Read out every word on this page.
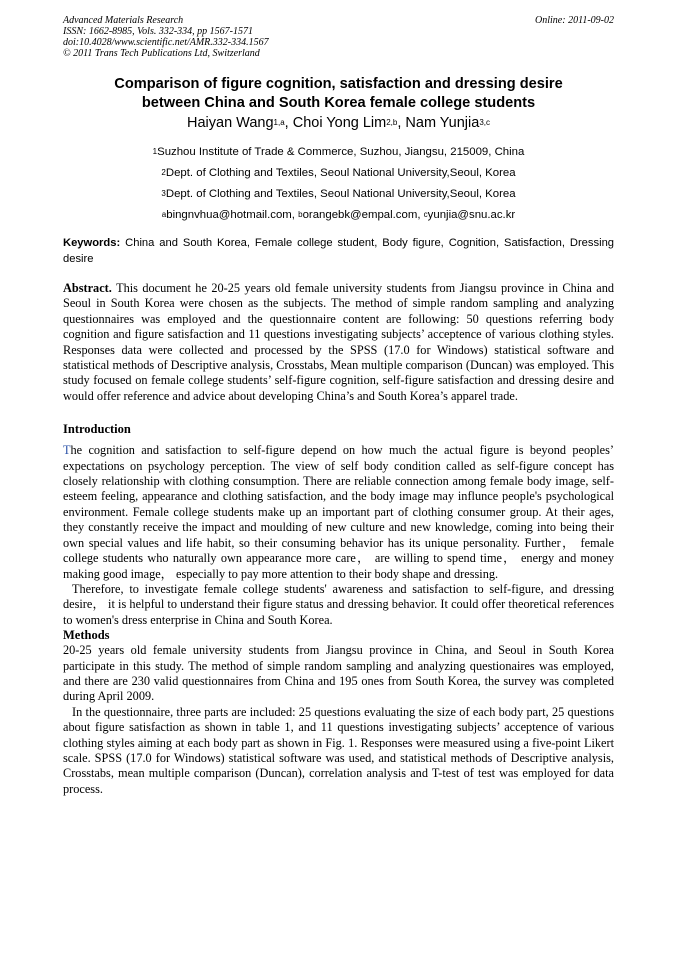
Advanced Materials Research
ISSN: 1662-8985, Vols. 332-334, pp 1567-1571
doi:10.4028/www.scientific.net/AMR.332-334.1567
© 2011 Trans Tech Publications Ltd, Switzerland
Online: 2011-09-02
Comparison of figure cognition, satisfaction and dressing desire
between China and South Korea female college students
Haiyan Wang$^{1,a}$, Choi Yong Lim$^{2,b}$, Nam Yunjia$^{3,c}$
$^1$Suzhou Institute of Trade & Commerce, Suzhou, Jiangsu, 215009, China
$^2$Dept. of Clothing and Textiles, Seoul National University,Seoul, Korea
$^3$Dept. of Clothing and Textiles, Seoul National University,Seoul, Korea
$^a$bingnvhua@hotmail.com, $^b$orangebk@empal.com, $^c$yunjia@snu.ac.kr
Keywords: China and South Korea, Female college student, Body figure, Cognition, Satisfaction, Dressing desire

Abstract. This document he 20-25 years old female university students from Jiangsu province in China and Seoul in South Korea were chosen as the subjects. The method of simple random sampling and analyzing questionnaires was employed and the questionnaire content are following: 50 questions referring body cognition and figure satisfaction and 11 questions investigating subjects’ acceptence of various clothing styles. Responses data were collected and processed by the SPSS (17.0 for Windows) statistical software and statistical methods of Descriptive analysis, Crosstabs, Mean multiple comparison (Duncan) was employed. This study focused on female college students’ self-figure cognition, self-figure satisfaction and dressing desire and would offer reference and advice about developing China’s and South Korea’s apparel trade.

Introduction

The cognition and satisfaction to self-figure depend on how much the actual figure is beyond peoples’ expectations on psychology perception. The view of self body condition called as self-figure concept has closely relationship with clothing consumption. There are reliable connection among female body image, self-esteem feeling, appearance and clothing satisfaction, and the body image may influnce people's psychological environment. Female college students make up an important part of clothing consumer group. At their ages, they constantly receive the impact and moulding of new culture and new knowledge, coming into being their own special values and life habit, so their consuming behavior has its unique personality. Further， female college students who naturally own appearance more care， are willing to spend time， energy and money making good image， especially to pay more attention to their body shape and dressing.

Therefore, to investigate female college students' awareness and satisfaction to self-figure, and dressing desire， it is helpful to understand their figure status and dressing behavior. It could offer theoretical references to women's dress enterprise in China and South Korea.

Methods

20-25 years old female university students from Jiangsu province in China, and Seoul in South Korea participate in this study. The method of simple random sampling and analyzing questionaires was employed, and there are 230 valid questionnaires from China and 195 ones from South Korea, the survey was completed during April 2009.

In the questionnaire, three parts are included: 25 questions evaluating the size of each body part, 25 questions about figure satisfaction as shown in table 1, and 11 questions investigating subjects’ acceptence of various clothing styles aiming at each body part as shown in Fig. 1. Responses were measured using a five-point Likert scale. SPSS (17.0 for Windows) statistical software was used, and statistical methods of Descriptive analysis, Crosstabs, mean multiple comparison (Duncan), correlation analysis and T-test of test was employed for data process.
